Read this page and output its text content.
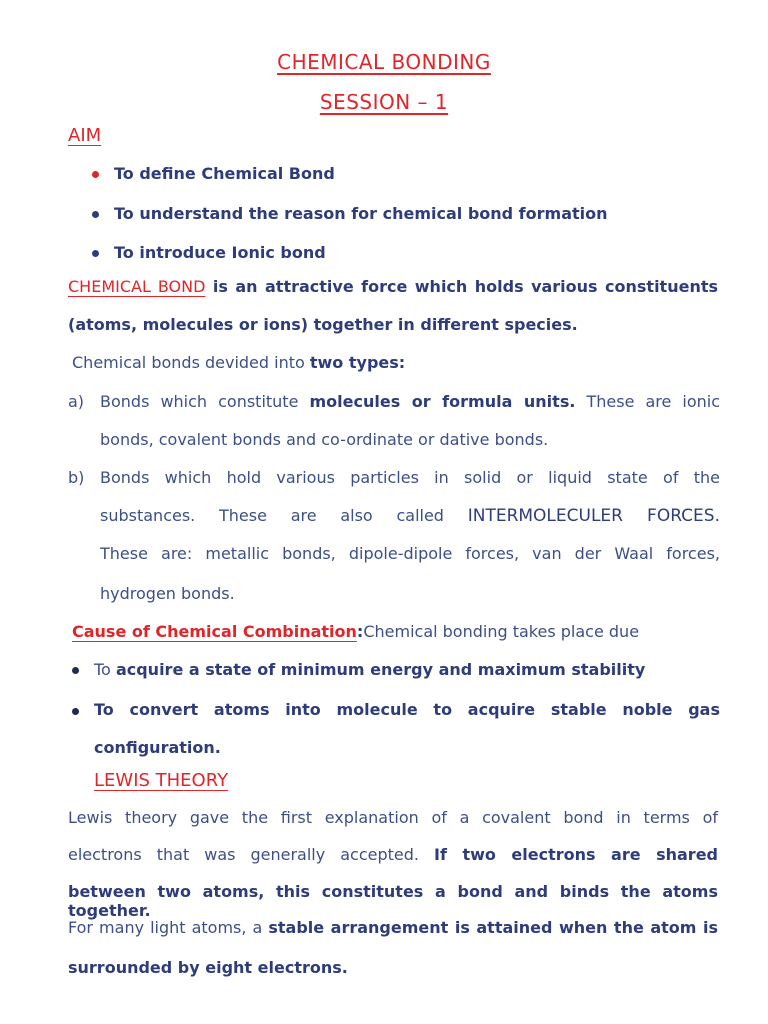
CHEMICAL BONDING
SESSION – 1
AIM
To define Chemical Bond
To understand the reason for chemical bond formation
To introduce Ionic bond
CHEMICAL BOND is an attractive force which holds various constituents
(atoms, molecules or ions) together in different species.
Chemical bonds devided into two types:
a) Bonds which constitute molecules or formula units. These are ionic
bonds, covalent bonds and co-ordinate or dative bonds.
b) Bonds which hold various particles in solid or liquid state of the
substances. These are also called INTERMOLECULER FORCES.
These are: metallic bonds, dipole-dipole forces, van der Waal forces,
hydrogen bonds.
Cause of Chemical Combination:Chemical bonding takes place due
To acquire a state of minimum energy and maximum stability
To convert atoms into molecule to acquire stable noble gas
configuration.
LEWIS THEORY
Lewis theory gave the first explanation of a covalent bond in terms of
electrons that was generally accepted. If two electrons are shared
between two atoms, this constitutes a bond and binds the atoms together.
For many light atoms, a stable arrangement is attained when the atom is
surrounded by eight electrons.
